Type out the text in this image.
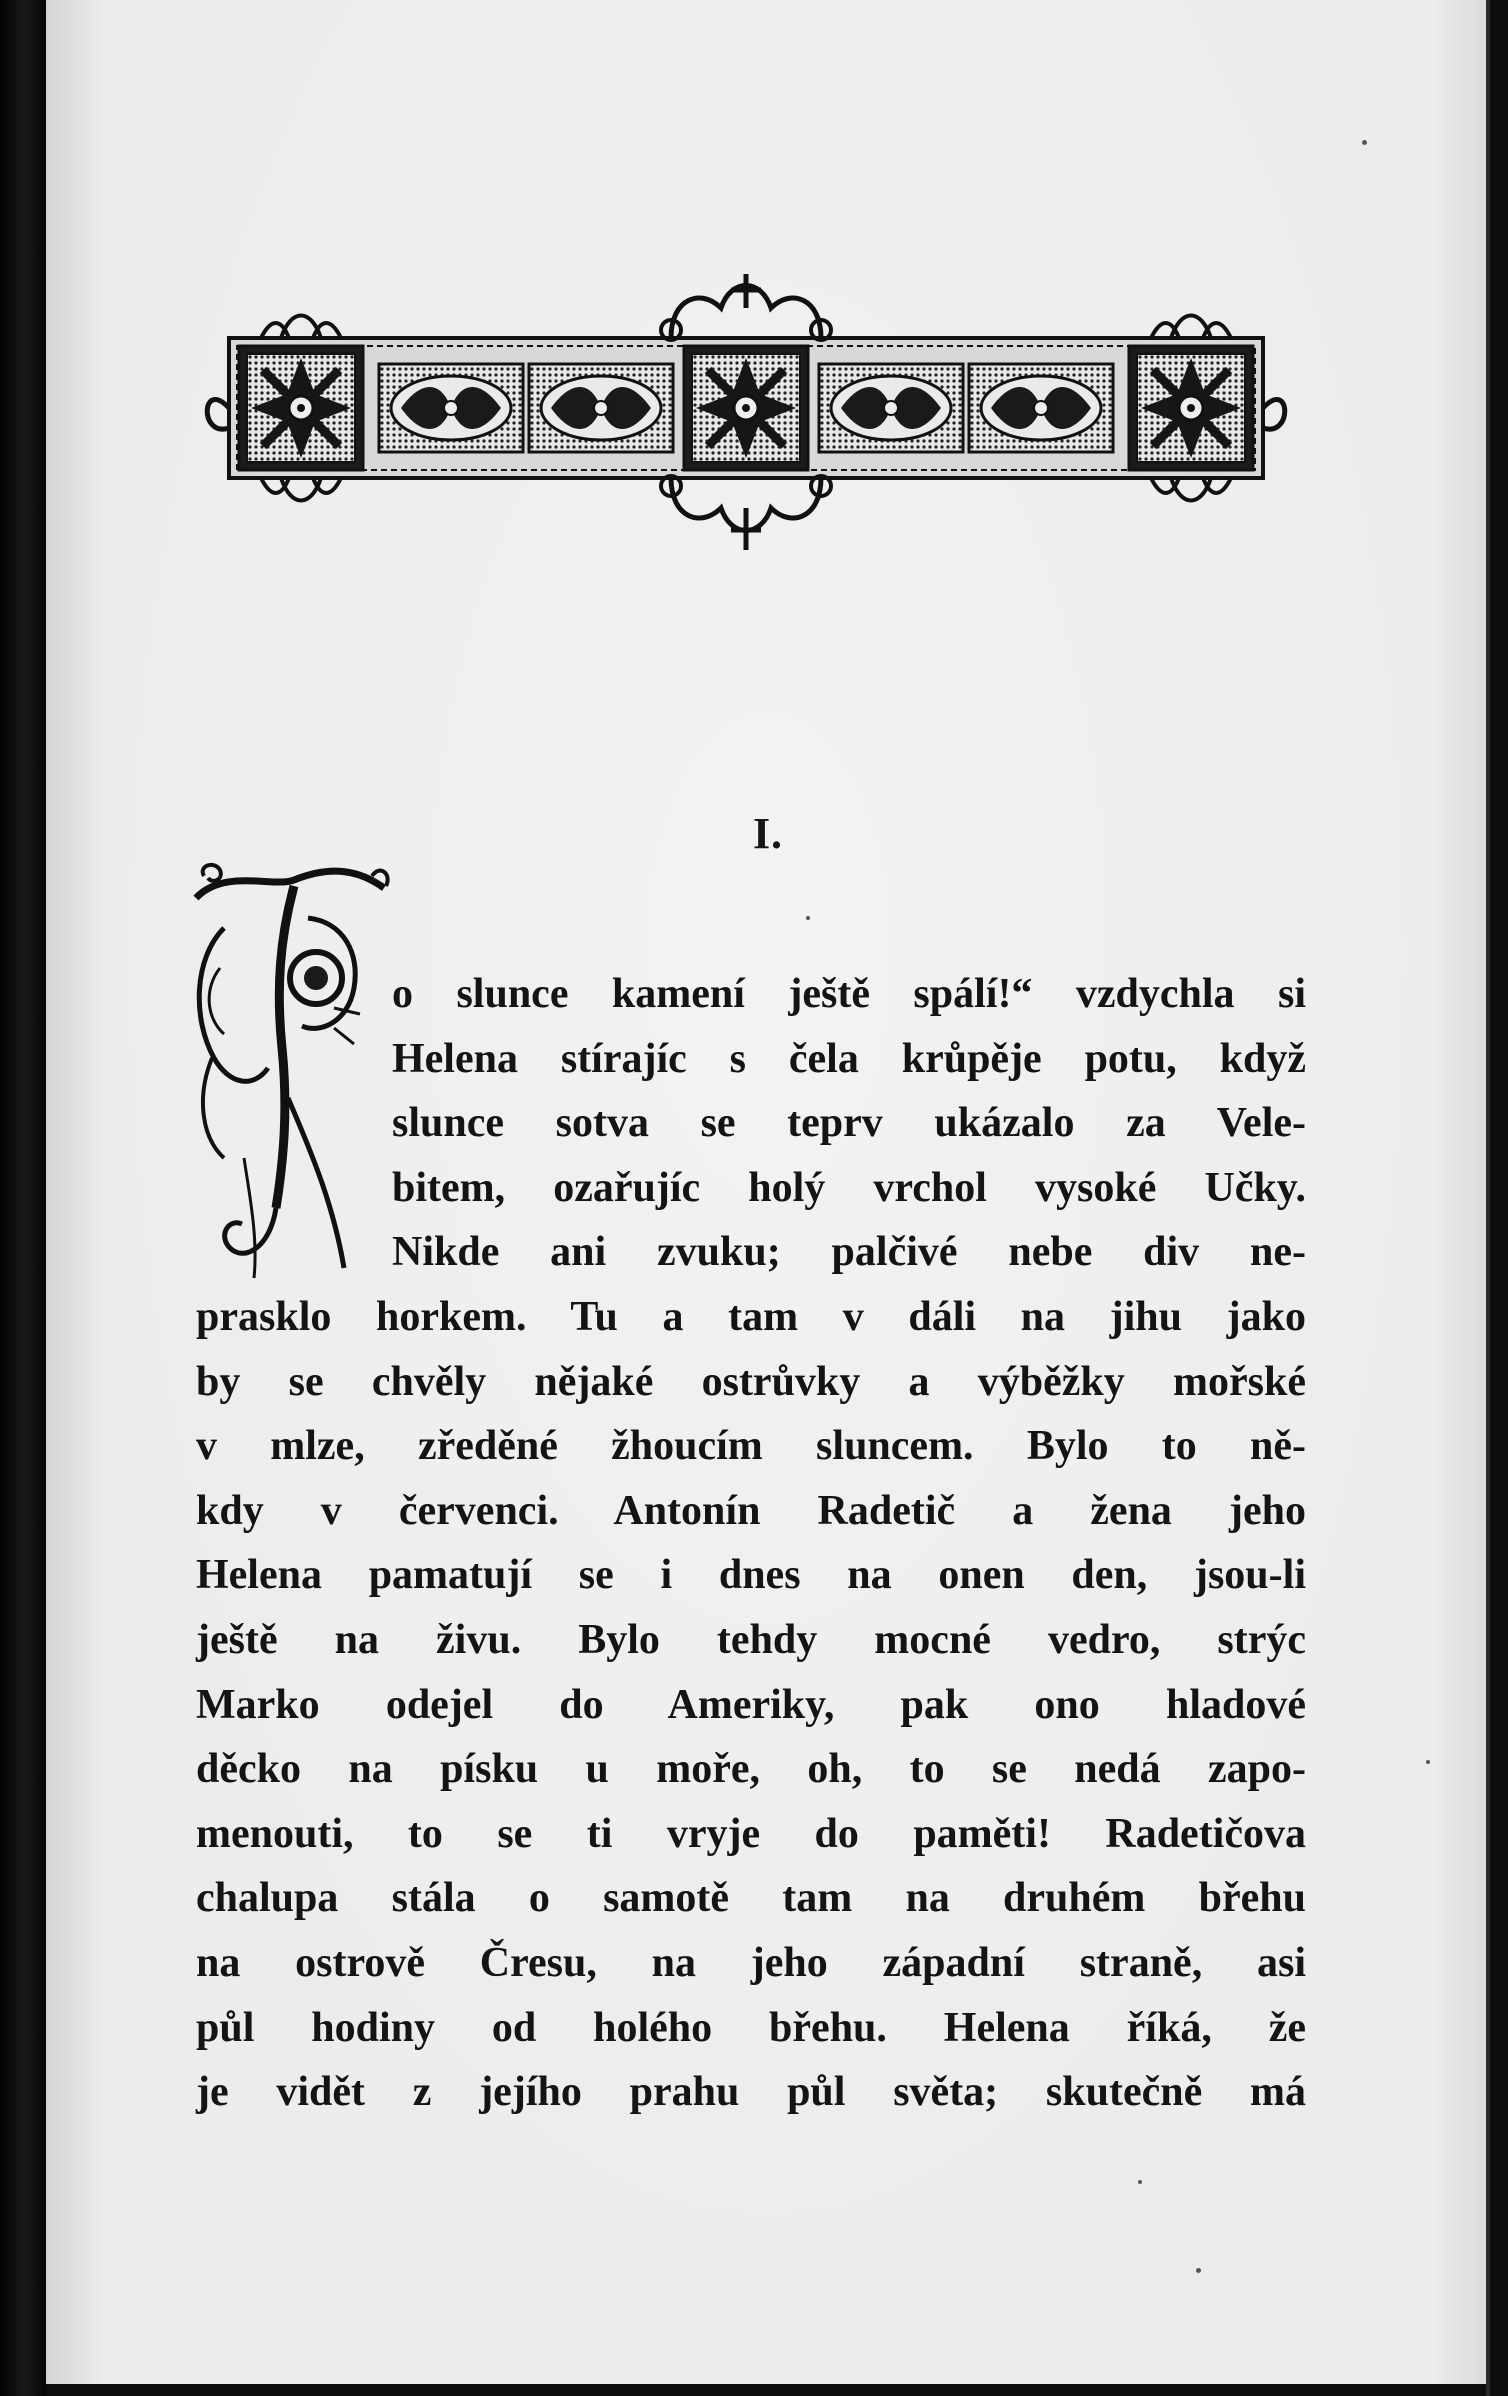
I.
o slunce kamení ještě spálí!“ vzdychla si
Helena stírajíc s čela krůpěje potu, když
slunce sotva se teprv ukázalo za Vele-
bitem, ozařujíc holý vrchol vysoké Učky.
Nikde ani zvuku; palčivé nebe div ne-
prasklo horkem. Tu a tam v dáli na jihu jako
by se chvěly nějaké ostrůvky a výběžky mořské
v mlze, zředěné žhoucím sluncem. Bylo to ně-
kdy v červenci. Antonín Radetič a žena jeho
Helena pamatují se i dnes na onen den, jsou-li
ještě na živu. Bylo tehdy mocné vedro, strýc
Marko odejel do Ameriky, pak ono hladové
děcko na písku u moře, oh, to se nedá zapo-
menouti, to se ti vryje do paměti! Radetičova
chalupa stála o samotě tam na druhém břehu
na ostrově Čresu, na jeho západní straně, asi
půl hodiny od holého břehu. Helena říká, že
je vidět z jejího prahu půl světa; skutečně má
